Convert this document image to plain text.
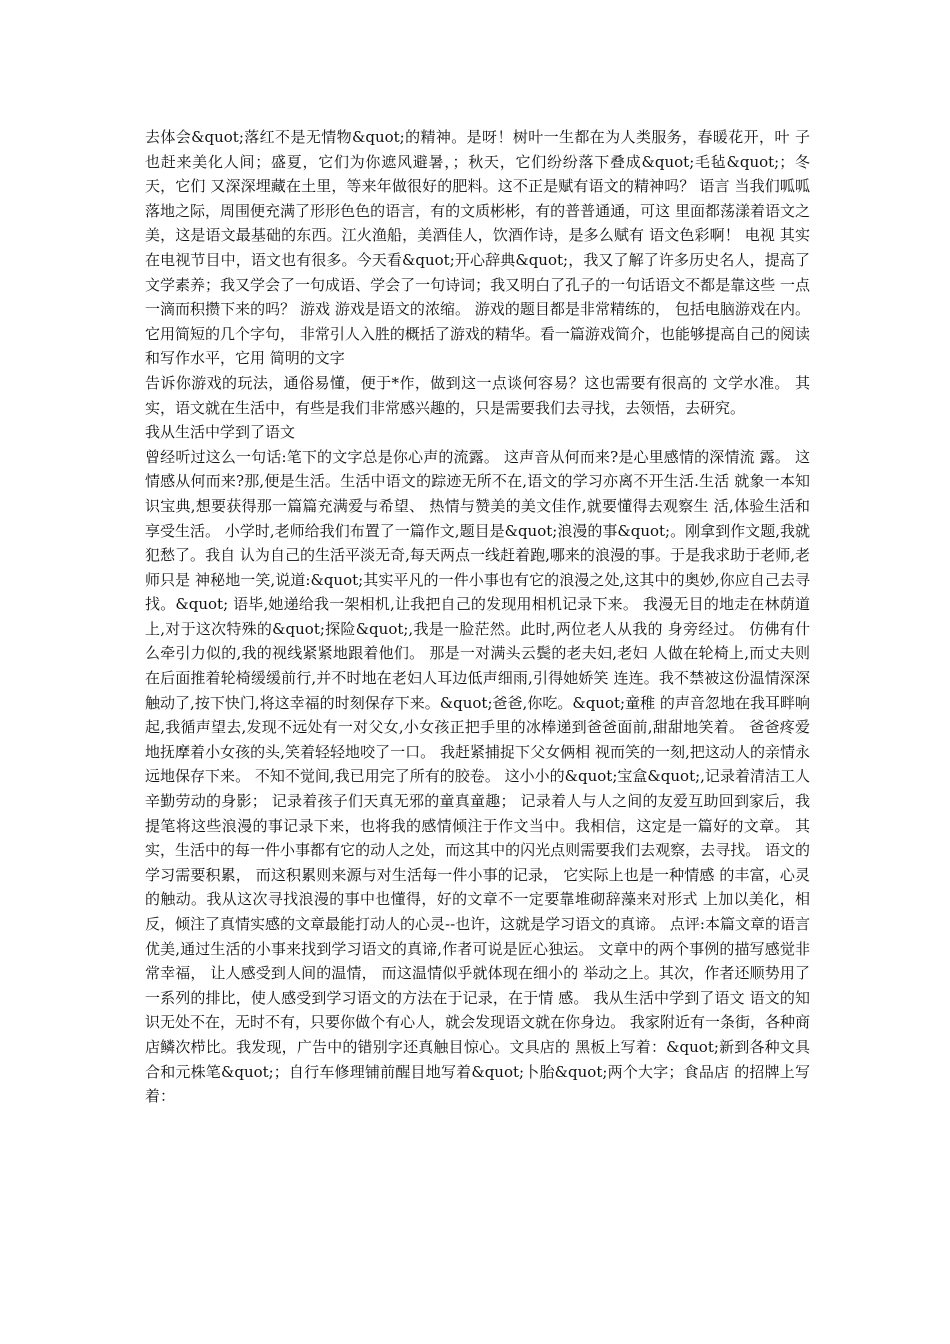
去体会&quot;落红不是无情物&quot;的精神。是呀！树叶一生都在为人类服务，春暖花开，叶 子也赶来美化人间；盛夏，它们为你遮风避暑，；秋天，它们纷纷落下叠成&quot;毛毡&quot;；冬天，它们 又深深埋藏在土里，等来年做很好的肥料。这不正是赋有语文的精神吗？ 语言 当我们呱呱落地之际，周围便充满了形形色色的语言，有的文质彬彬，有的普普通通，可这 里面都荡漾着语文之美，这是语文最基础的东西。江火渔船，美酒佳人，饮酒作诗，是多么赋有 语文色彩啊！ 电视 其实在电视节目中，语文也有很多。今天看&quot;开心辞典&quot;，我又了解了许多历史名人，提高了 文学素养；我又学会了一句成语、学会了一句诗词；我又明白了孔子的一句话语文不都是靠这些 一点一滴而积攒下来的吗？ 游戏 游戏是语文的浓缩。 游戏的题目都是非常精练的， 包括电脑游戏在内。 它用简短的几个字句， 非常引人入胜的概括了游戏的精华。看一篇游戏简介，也能够提高自己的阅读和写作水平，它用 简明的文字

告诉你游戏的玩法，通俗易懂，便于*作，做到这一点谈何容易？这也需要有很高的 文学水准。 其实，语文就在生活中，有些是我们非常感兴趣的，只是需要我们去寻找，去领悟，去研究。

我从生活中学到了语文

曾经听过这么一句话:笔下的文字总是你心声的流露。 这声音从何而来?是心里感情的深情流 露。 这情感从何而来?那,便是生活。生活中语文的踪迹无所不在,语文的学习亦离不开生活.生活 就象一本知识宝典,想要获得那一篇篇充满爱与希望、 热情与赞美的美文佳作,就要懂得去观察生 活,体验生活和享受生活。 小学时,老师给我们布置了一篇作文,题目是&quot;浪漫的事&quot;。刚拿到作文题,我就犯愁了。我自 认为自己的生活平淡无奇,每天两点一线赶着跑,哪来的浪漫的事。于是我求助于老师,老师只是 神秘地一笑,说道:&quot;其实平凡的一件小事也有它的浪漫之处,这其中的奥妙,你应自己去寻找。&quot; 语毕,她递给我一架相机,让我把自己的发现用相机记录下来。 我漫无目的地走在林荫道上,对于这次特殊的&quot;探险&quot;,我是一脸茫然。此时,两位老人从我的 身旁经过。 仿佛有什么牵引力似的,我的视线紧紧地跟着他们。 那是一对满头云鬓的老夫妇,老妇 人做在轮椅上,而丈夫则在后面推着轮椅缓缓前行,并不时地在老妇人耳边低声细雨,引得她娇笑 连连。我不禁被这份温情深深触动了,按下快门,将这幸福的时刻保存下来。&quot;爸爸,你吃。&quot;童稚 的声音忽地在我耳畔响起,我循声望去,发现不远处有一对父女,小女孩正把手里的冰棒递到爸爸面前,甜甜地笑着。 爸爸疼爱地抚摩着小女孩的头,笑着轻轻地咬了一口。 我赶紧捕捉下父女俩相 视而笑的一刻,把这动人的亲情永远地保存下来。 不知不觉间,我已用完了所有的胶卷。 这小小的&quot;宝盒&quot;,记录着清洁工人辛勤劳动的身影； 记录着孩子们天真无邪的童真童趣； 记录着人与人之间的友爱互助回到家后，我提笔将这些浪漫的事记录下来，也将我的感情倾注于作文当中。我相信，这定是一篇好的文章。 其实，生活中的每一件小事都有它的动人之处，而这其中的闪光点则需要我们去观察，去寻找。 语文的学习需要积累， 而这积累则来源与对生活每一件小事的记录， 它实际上也是一种情感 的丰富，心灵的触动。我从这次寻找浪漫的事中也懂得，好的文章不一定要靠堆砌辞藻来对形式 上加以美化，相反，倾注了真情实感的文章最能打动人的心灵--也许，这就是学习语文的真谛。 点评:本篇文章的语言优美,通过生活的小事来找到学习语文的真谛,作者可说是匠心独运。 文章中的两个事例的描写感觉非常幸福， 让人感受到人间的温情， 而这温情似乎就体现在细小的 举动之上。其次，作者还顺势用了一系列的排比，使人感受到学习语文的方法在于记录，在于情 感。 我从生活中学到了语文 语文的知识无处不在，无时不有，只要你做个有心人，就会发现语文就在你身边。 我家附近有一条街，各种商店鳞次栉比。我发现，广告中的错别字还真触目惊心。文具店的 黑板上写着：&quot;新到各种文具合和元株笔&quot;；自行车修理铺前醒目地写着&quot;卜胎&quot;两个大字；食品店 的招牌上写着：
